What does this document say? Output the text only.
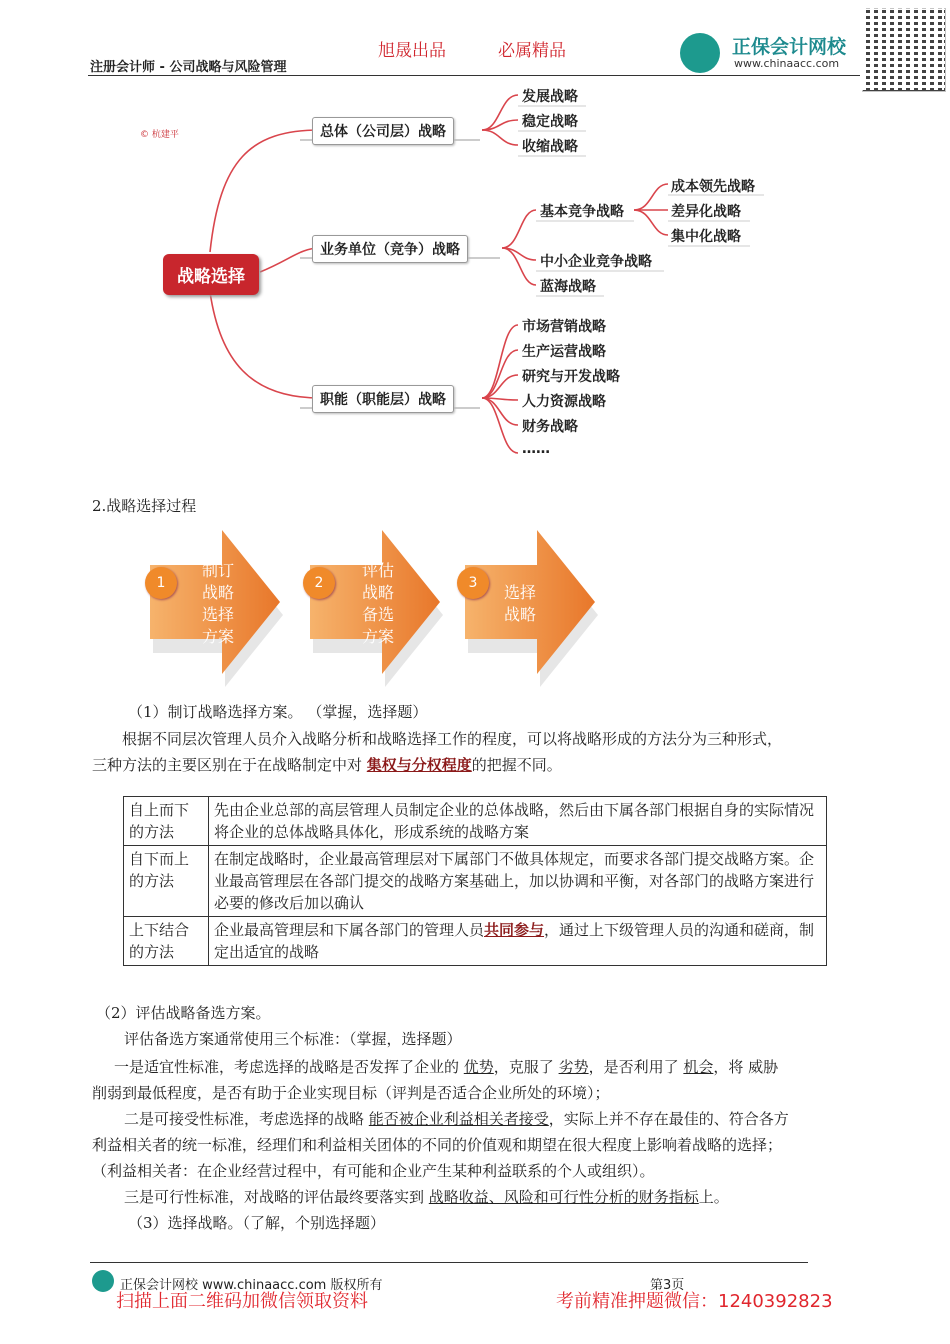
注册会计师 - 公司战略与风险管理
旭晟出品	必属精品	正保会计网校
www.chinaacc.com
© 杭建平
战略选择
总体（公司层）战略
发展战略
稳定战略
收缩战略
业务单位（竞争）战略
基本竞争战略
中小企业竞争战略
蓝海战略
成本领先战略
差异化战略
集中化战略
职能（职能层）战略
市场营销战略
生产运营战略
研究与开发战略
人力资源战略
财务战略
……
2.战略选择过程
1	2	3
制订
战略
选择
方案
评估
战略
备选
方案
选择
战略
（1）制订战略选择方案。 （掌握，选择题）
根据不同层次管理人员介入战略分析和战略选择工作的程度，可以将战略形成的方法分为三种形式，
三种方法的主要区别在于在战略制定中对 集权与分权程度的把握不同。
自上而下的方法	先由企业总部的高层管理人员制定企业的总体战略，然后由下属各部门根据自身的实际情况将企业的总体战略具体化，形成系统的战略方案
自下而上的方法	在制定战略时，企业最高管理层对下属部门不做具体规定，而要求各部门提交战略方案。企业最高管理层在各部门提交的战略方案基础上，加以协调和平衡，对各部门的战略方案进行必要的修改后加以确认
上下结合的方法	企业最高管理层和下属各部门的管理人员共同参与，通过上下级管理人员的沟通和磋商，制定出适宜的战略
（2）评估战略备选方案。
评估备选方案通常使用三个标准：（掌握，选择题）
一是适宜性标准，考虑选择的战略是否发挥了企业的 优势，克服了 劣势，是否利用了 机会，将 威胁
削弱到最低程度，是否有助于企业实现目标（评判是否适合企业所处的环境）；
二是可接受性标准，考虑选择的战略 能否被企业利益相关者接受，实际上并不存在最佳的、符合各方
利益相关者的统一标准，经理们和利益相关团体的不同的价值观和期望在很大程度上影响着战略的选择；
（利益相关者：在企业经营过程中，有可能和企业产生某种利益联系的个人或组织）。
三是可行性标准，对战略的评估最终要落实到 战略收益、风险和可行性分析的财务指标上。
（3）选择战略。（了解，个别选择题）
正保会计网校 www.chinaacc.com 版权所有	第3页
扫描上面二维码加微信领取资料	考前精准押题微信：1240392823
